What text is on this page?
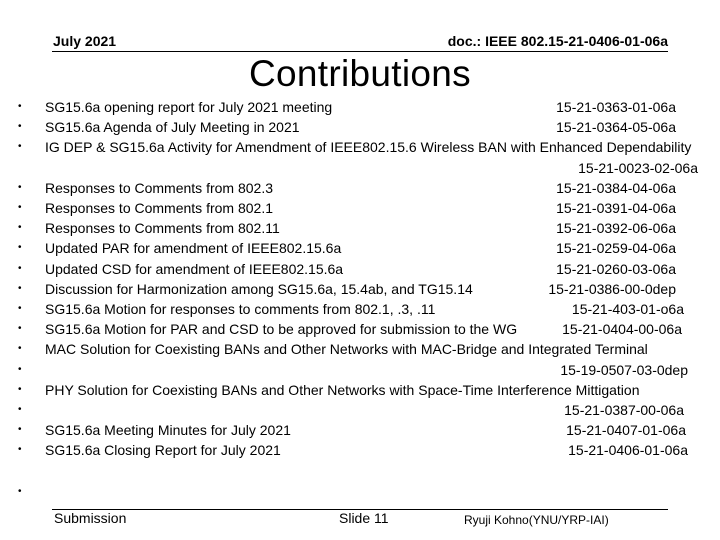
July 2021	doc.: IEEE 802.15-21-0406-01-06a
Contributions
• SG15.6a opening report for July 2021 meeting	15-21-0363-01-06a
• SG15.6a Agenda of July Meeting in 2021	15-21-0364-05-06a
• IG DEP & SG15.6a Activity for Amendment of IEEE802.15.6 Wireless BAN with Enhanced Dependability
15-21-0023-02-06a
• Responses to Comments from 802.3	15-21-0384-04-06a
• Responses to Comments from 802.1	15-21-0391-04-06a
• Responses to Comments from 802.11	15-21-0392-06-06a
• Updated PAR for amendment of IEEE802.15.6a	15-21-0259-04-06a
• Updated CSD for amendment of IEEE802.15.6a	15-21-0260-03-06a
• Discussion for Harmonization among SG15.6a, 15.4ab, and TG15.14	15-21-0386-00-0dep
• SG15.6a Motion for responses to comments from 802.1, .3, .11	15-21-403-01-o6a
• SG15.6a Motion for PAR and CSD to be approved for submission to the WG	15-21-0404-00-06a
• MAC Solution for Coexisting BANs and Other Networks with MAC-Bridge and Integrated Terminal
•	15-19-0507-03-0dep
• PHY Solution for Coexisting BANs and Other Networks with Space-Time Interference Mittigation
•	15-21-0387-00-06a
• SG15.6a Meeting Minutes for July 2021	15-21-0407-01-06a
• SG15.6a Closing Report for July 2021	15-21-0406-01-06a
•
Submission	Slide 11	Ryuji Kohno(YNU/YRP-IAI)
